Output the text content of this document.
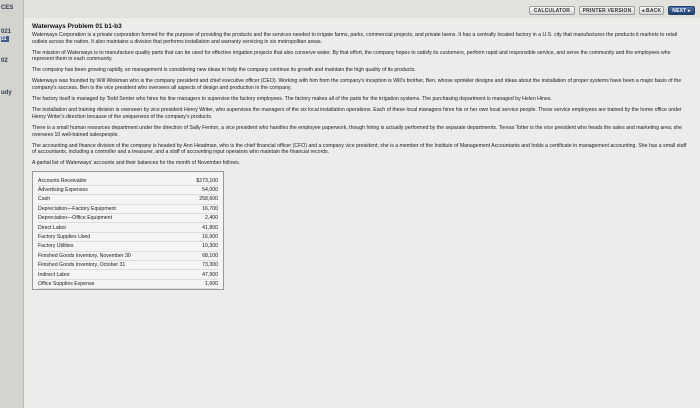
CES
021
31
02
udy
CALCULATOR	PRINTER VERSION	◂ BACK	NEXT ▸
Waterways Problem 01 b1-b3

Waterways Corporation is a private corporation formed for the purpose of providing the products and the services needed to irrigate farms, parks, commercial projects, and private lawns. It has a centrally located factory in a U.S. city that manufactures the products it markets to retail outlets across the nation. It also maintains a division that performs installation and warranty servicing in six metropolitan areas.

The mission of Waterways is to manufacture quality parts that can be used for effective irrigation projects that also conserve water. By that effort, the company hopes to satisfy its customers, perform rapid and responsible service, and serve the community and the employees who represent them in each community.

The company has been growing rapidly, so management is considering new ideas to help the company continue its growth and maintain the high quality of its products.

Waterways was founded by Will Winkman who is the company president and chief executive officer (CEO). Working with him from the company's inception is Will's brother, Ben, whose sprinkler designs and ideas about the installation of proper systems have been a major basis of the company's success. Ben is the vice president who oversees all aspects of design and production in the company.

The factory itself is managed by Todd Senter who hires his line managers to supervise the factory employees. The factory makes all of the parts for the irrigation systems. The purchasing department is managed by Helen Hines.

The installation and training division is overseen by vice president Henry Writer, who supervises the managers of the six local installation operations. Each of these local managers hires his or her own local service people. These service employees are trained by the home office under Henry Writer's direction because of the uniqueness of the company's products.

There is a small human resources department under the direction of Sally Fenton, a vice president who handles the employee paperwork, though hiring is actually performed by the separate departments. Teresa Totter is the vice president who heads the sales and marketing area; she oversees 10 well-trained salespeople.

The accounting and finance division of the company is headed by Ann Headman, who is the chief financial officer (CFO) and a company vice president; she is a member of the Institute of Management Accountants and holds a certificate in management accounting. She has a small staff of accountants, including a controller and a treasurer, and a staff of accounting input operators who maintain the financial records.

A partial list of Waterways' accounts and their balances for the month of November follows.

Accounts Receivable	$273,100
Advertising Expenses	54,000
Cash	258,600
Depreciation—Factory Equipment	16,700
Depreciation—Office Equipment	2,400
Direct Labor	41,800
Factory Supplies Used	16,900
Factory Utilities	10,300
Finished Goods Inventory, November 30	68,100
Finished Goods Inventory, October 31	73,300
Indirect Labor	47,900
Office Supplies Expense	1,600
